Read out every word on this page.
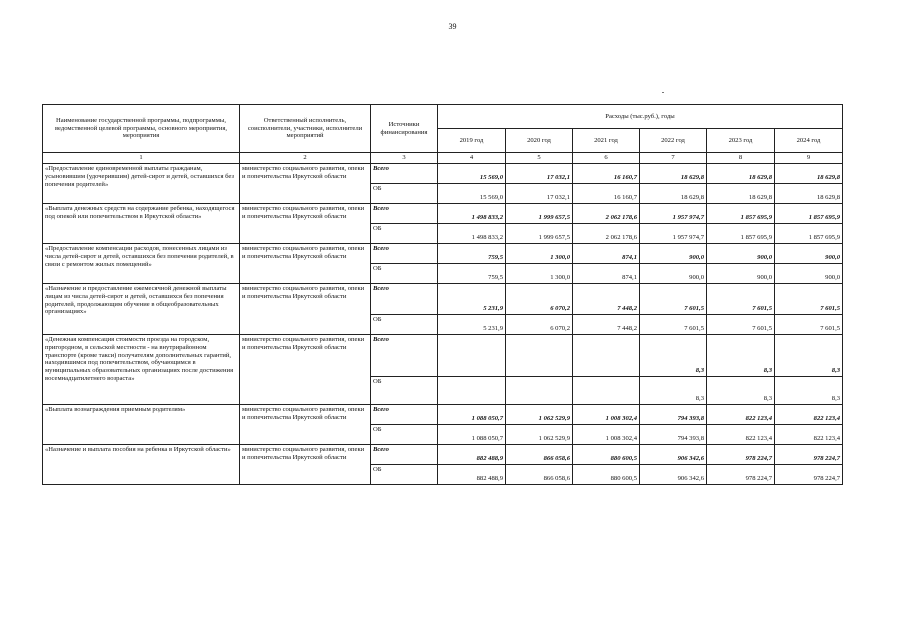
39
Наименование государственной программы, подпрограммы, ведомственной целевой программы, основного мероприятия, мероприятия	Ответственный исполнитель, соисполнители, участники, исполнители мероприятий	Источники финансирования	Расходы (тыс.руб.), годы					
			2019 год	2020 год	2021 год	2022 год	2023 год	2024 год
1	2	3	4	5	6	7	8	9
«Предоставление единовременной выплаты гражданам, усыновившим (удочерившим) детей-сирот и детей, оставшихся без попечения родителей»	министерство социального развития, опеки и попечительства Иркутской области	Всего	15 569,0	17 032,1	16 160,7	18 629,8	18 629,8	18 629,8
		ОБ	15 569,0	17 032,1	16 160,7	18 629,8	18 629,8	18 629,8
«Выплата денежных средств на содержание ребенка, находящегося под опекой или попечительством в Иркутской области»	министерство социального развития, опеки и попечительства Иркутской области	Всего	1 498 833,2	1 999 657,5	2 062 178,6	1 957 974,7	1 857 695,9	1 857 695,9
		ОБ	1 498 833,2	1 999 657,5	2 062 178,6	1 957 974,7	1 857 695,9	1 857 695,9
«Предоставление компенсации расходов, понесенных лицами из числа детей-сирот и детей, оставшихся без попечения родителей, в связи с ремонтом жилых помещений»	министерство социального развития, опеки и попечительства Иркутской области	Всего	759,5	1 300,0	874,1	900,0	900,0	900,0
		ОБ	759,5	1 300,0	874,1	900,0	900,0	900,0
«Назначение и предоставление ежемесячной денежной выплаты лицам из числа детей-сирот и детей, оставшихся без попечения родителей, продолжающим обучение в общеобразовательных организациях»	министерство социального развития, опеки и попечительства Иркутской области	Всего	5 231,9	6 070,2	7 448,2	7 601,5	7 601,5	7 601,5
		ОБ	5 231,9	6 070,2	7 448,2	7 601,5	7 601,5	7 601,5
«Денежная компенсация стоимости проезда на городском, пригородном, в сельской местности - на внутрирайонном транспорте (кроме такси) получателям дополнительных гарантий, находившимся под попечительством, обучающимся в муниципальных образовательных организациях после достижения восемнадцатилетнего возраста»	министерство социального развития, опеки и попечительства Иркутской области	Всего				8,3	8,3	8,3
		ОБ				8,3	8,3	8,3
«Выплата вознаграждения приемным родителям»	министерство социального развития, опеки и попечительства Иркутской области	Всего	1 088 050,7	1 062 529,9	1 008 302,4	794 393,8	822 123,4	822 123,4
		ОБ	1 088 050,7	1 062 529,9	1 008 302,4	794 393,8	822 123,4	822 123,4
«Назначение и выплата пособия на ребенка в Иркутской области»	министерство социального развития, опеки и попечительства Иркутской области	Всего	882 488,9	866 058,6	880 600,5	906 342,6	978 224,7	978 224,7
		ОБ	882 488,9	866 058,6	880 600,5	906 342,6	978 224,7	978 224,7
